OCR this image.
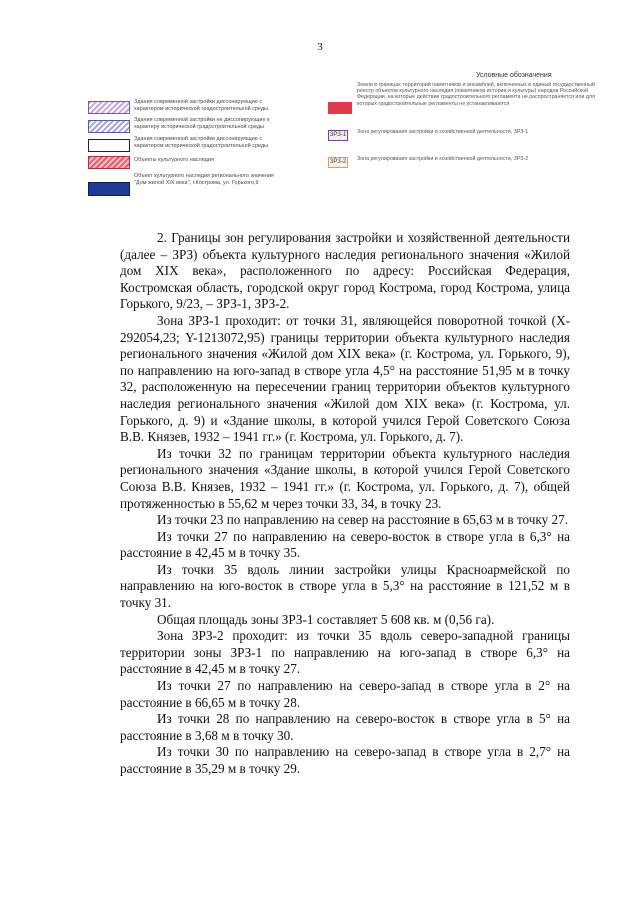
3
Здания современной застройки диссонирующие с характером исторической градостроительной среды
Здания современной застройки не диссонирующие к характеру исторической градостроительной среды
Здания современной застройки диссонирующие с характером исторической градостроительной среды
Объекты культурного наследия
Объект культурного наследия регионального значения "Дом жилой XIX века", г.Кострома, ул. Горького,9
Условные обозначения
Земли в границах территорий памятников и ансамблей, включенных в единый государственный реестр объектов культурного наследия (памятников истории и культуры) народов Российской Федерации, на которые действие градостроительного регламента не распространяется или для которых градостроительные регламенты не устанавливаются
ЗРЗ-1	Зона регулирования застройки и хозяйственной деятельности, ЗРЗ-1
ЗРЗ-2	Зона регулирования застройки и хозяйственной деятельности, ЗРЗ-2

2. Границы зон регулирования застройки и хозяйственной деятельности (далее – ЗРЗ) объекта культурного наследия регионального значения «Жилой дом XIX века», расположенного по адресу: Российская Федерация, Костромская область, городской округ город Кострома, город Кострома, улица Горького, 9/23, – ЗРЗ-1, ЗРЗ-2.

Зона ЗРЗ-1 проходит: от точки 31, являющейся поворотной точкой (X-292054,23; Y-1213072,95) границы территории объекта культурного наследия регионального значения «Жилой дом XIX века» (г. Кострома, ул. Горького, 9), по направлению на юго-запад в створе угла 4,5° на расстояние 51,95 м в точку 32, расположенную на пересечении границ территории объектов культурного наследия регионального значения «Жилой дом XIX века» (г. Кострома, ул. Горького, д. 9) и «Здание школы, в которой учился Герой Советского Союза В.В. Князев, 1932 – 1941 гг.» (г. Кострома, ул. Горького, д. 7).

Из точки 32 по границам территории объекта культурного наследия регионального значения «Здание школы, в которой учился Герой Советского Союза В.В. Князев, 1932 – 1941 гг.» (г. Кострома, ул. Горького, д. 7), общей протяженностью в 55,62 м через точки 33, 34, в точку 23.

Из точки 23 по направлению на север на расстояние в 65,63 м в точку 27.

Из точки 27 по направлению на северо-восток в створе угла в 6,3° на расстояние в 42,45 м в точку 35.

Из точки 35 вдоль линии застройки улицы Красноармейской по направлению на юго-восток в створе угла в 5,3° на расстояние в 121,52 м в точку 31.

Общая площадь зоны ЗРЗ-1 составляет 5 608 кв. м (0,56 га).

Зона ЗРЗ-2 проходит: из точки 35 вдоль северо-западной границы территории зоны ЗРЗ-1 по направлению на юго-запад в створе 6,3° на расстояние в 42,45 м в точку 27.

Из точки 27 по направлению на северо-запад в створе угла в 2° на расстояние в 66,65 м в точку 28.

Из точки 28 по направлению на северо-восток в створе угла в 5° на расстояние в 3,68 м в точку 30.

Из точки 30 по направлению на северо-запад в створе угла в 2,7° на расстояние в 35,29 м в точку 29.
